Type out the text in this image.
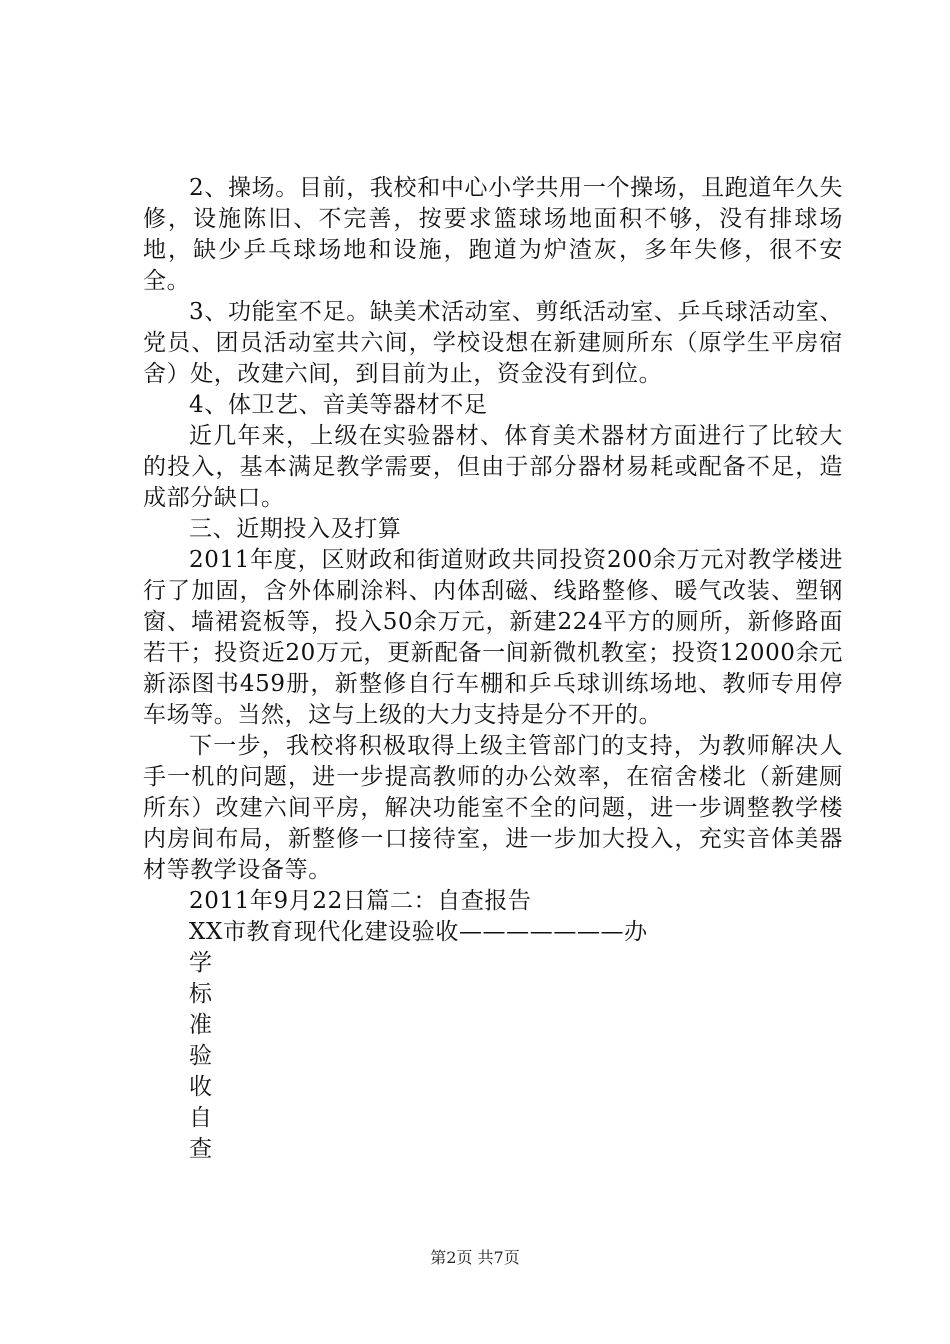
2、操场。目前，我校和中心小学共用一个操场，且跑道年久失修，设施陈旧、不完善，按要求篮球场地面积不够，没有排球场地，缺少乒乓球场地和设施，跑道为炉渣灰，多年失修，很不安全。

3、功能室不足。缺美术活动室、剪纸活动室、乒乓球活动室、党员、团员活动室共六间，学校设想在新建厕所东（原学生平房宿舍）处，改建六间，到目前为止，资金没有到位。

4、体卫艺、音美等器材不足

近几年来，上级在实验器材、体育美术器材方面进行了比较大的投入，基本满足教学需要，但由于部分器材易耗或配备不足，造成部分缺口。

三、近期投入及打算

2011年度，区财政和街道财政共同投资200余万元对教学楼进行了加固，含外体刷涂料、内体刮磁、线路整修、暖气改装、塑钢窗、墙裙瓷板等，投入50余万元，新建224平方的厕所，新修路面若干；投资近20万元，更新配备一间新微机教室；投资12000余元新添图书459册，新整修自行车棚和乒乓球训练场地、教师专用停车场等。当然，这与上级的大力支持是分不开的。

下一步，我校将积极取得上级主管部门的支持，为教师解决人手一机的问题，进一步提高教师的办公效率，在宿舍楼北（新建厕所东）改建六间平房，解决功能室不全的问题，进一步调整教学楼内房间布局，新整修一口接待室，进一步加大投入，充实音体美器材等教学设备等。

2011年9月22日篇二：自查报告

XX市教育现代化建设验收———————办

学

标

准

验

收

自

查

第2页 共7页
